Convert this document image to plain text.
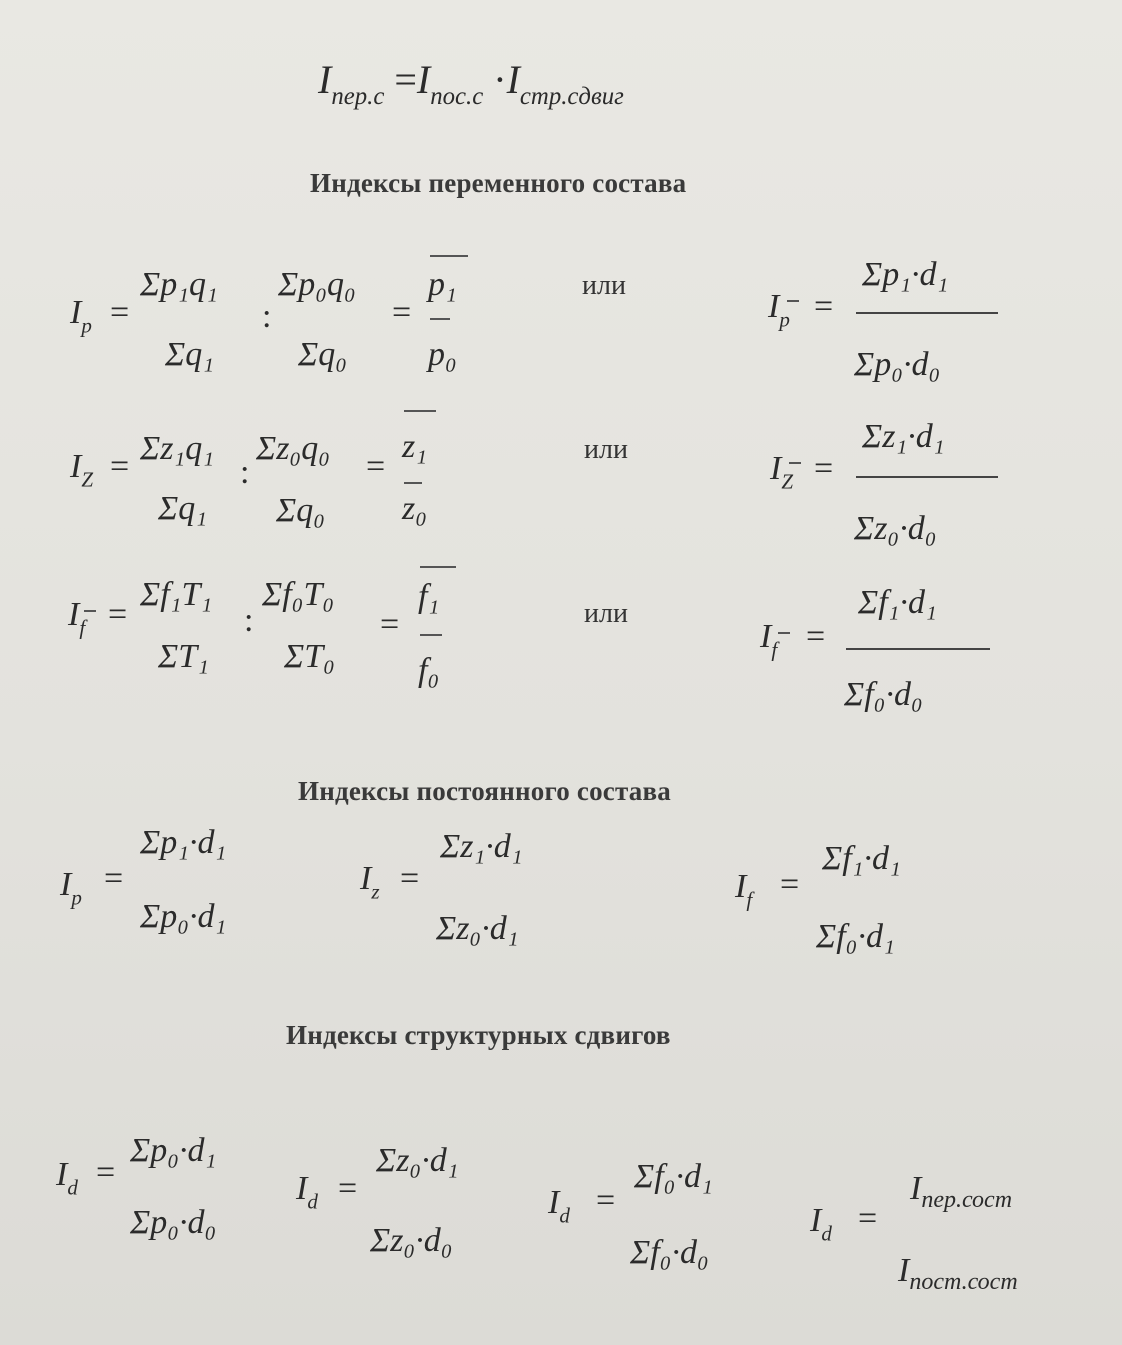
$I_{пер.с} =I_{пос.с} \cdot I_{стр.сдвиг}$
Индексы переменного состава
$I_p$ =
Σp₁q₁
Σq₁
:
Σp₀q₀
Σq₀
=
p₁
p₀
или
$I_p$ =
Σp₁·d₁
Σp₀·d₀
$I_Z = \Sigma z_1q_1$
Σq₁
:
Σz₀q₀
Σq₀
=
z₁
z₀
или
$I_Z$ =
Σz₁·d₁
Σz₀·d₀
$I_f$ =
Σf₁T₁
ΣT₁
:
Σf₀T₀
ΣT₀
=
f₁
f₀
или
$I_f$ =
Σf₁·d₁
Σf₀·d₀
Индексы постоянного состава
$I_p$
=
Σp₁·d₁
Σp₀·d₁
$I_z$ =
Σz₁·d₁
Σz₀·d₁
$I_f$ =
Σf₁·d₁
Σf₀·d₁
Индексы структурных сдвигов
$I_d$ =
Σp₀·d₁
Σp₀·d₀
$I_d$ =
Σz₀·d₁
Σz₀·d₀
$I_d$ =
Σf₀·d₁
Σf₀·d₀
$I_d$ =
$I_{пер.сост}$
$I_{пост.сост}$
